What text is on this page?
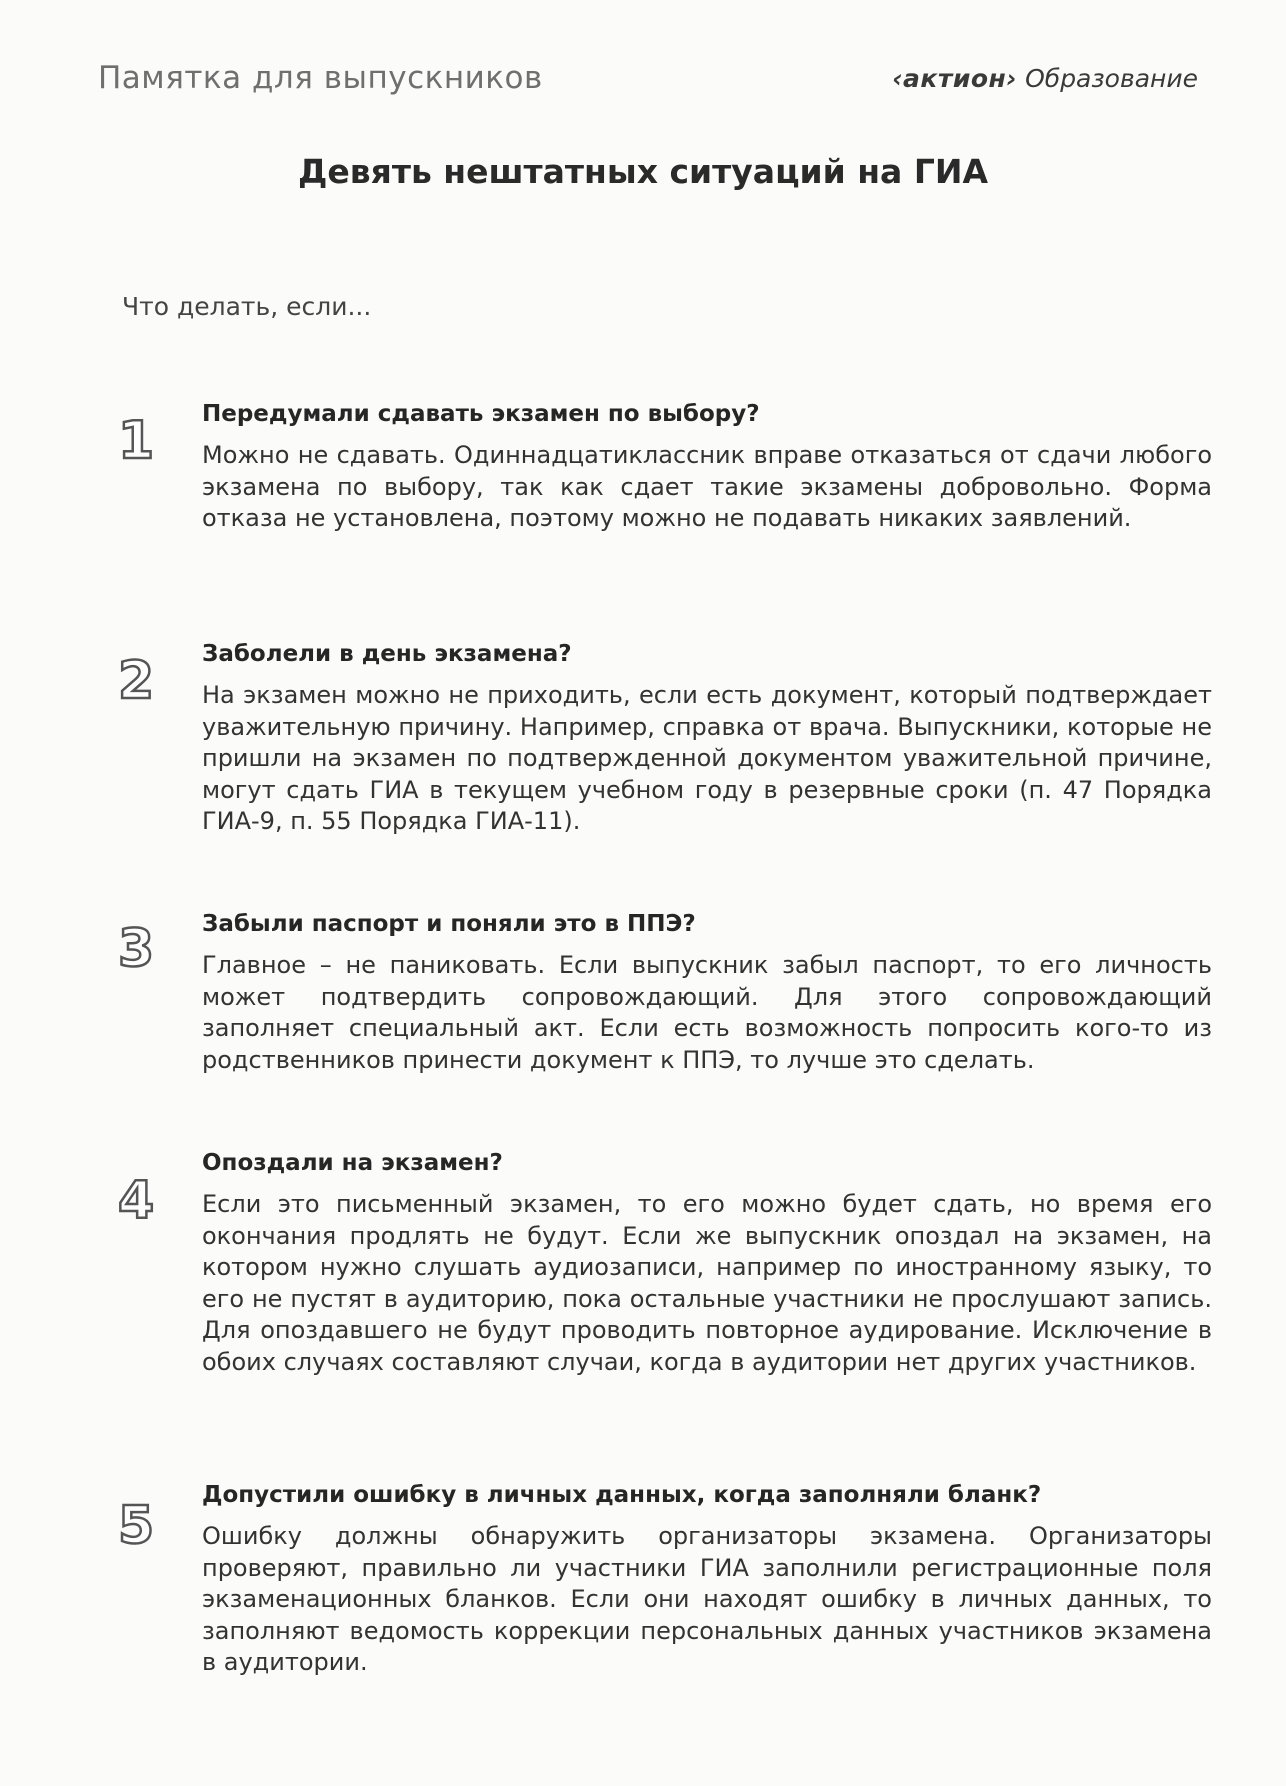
Памятка для выпускников	‹актион› Образование
Девять нештатных ситуаций на ГИА
Что делать, если...
1 Передумали сдавать экзамен по выбору?

Можно не сдавать. Одиннадцатиклассник вправе отказаться от сдачи любого экзамена по выбору, так как сдает такие экзамены добровольно. Форма отказа не установлена, поэтому можно не подавать никаких заявлений.

2 Заболели в день экзамена?

На экзамен можно не приходить, если есть документ, который подтверждает уважительную причину. Например, справка от врача. Выпускники, которые не пришли на экзамен по подтвержденной документом уважительной причине, могут сдать ГИА в текущем учебном году в резервные сроки (п. 47 Порядка ГИА-9, п. 55 Порядка ГИА-11).

3 Забыли паспорт и поняли это в ППЭ?

Главное – не паниковать. Если выпускник забыл паспорт, то его личность может подтвердить сопровождающий. Для этого сопровождающий заполняет специальный акт. Если есть возможность попросить кого-то из родственников принести документ к ППЭ, то лучше это сделать.

4

Опоздали на экзамен?

Если это письменный экзамен, то его можно будет сдать, но время его окончания продлять не будут. Если же выпускник опоздал на экзамен, на котором нужно слушать аудиозаписи, например по иностранному языку, то его не пустят в аудиторию, пока остальные участники не прослушают запись. Для опоздавшего не будут проводить повторное аудирование. Исключение в обоих случаях составляют случаи, когда в аудитории нет других участников.

5

Допустили ошибку в личных данных, когда заполняли бланк?

Ошибку должны обнаружить организаторы экзамена. Организаторы проверяют, правильно ли участники ГИА заполнили регистрационные поля экзаменационных бланков. Если они находят ошибку в личных данных, то заполняют ведомость коррекции персональных данных участников экзамена в аудитории.
